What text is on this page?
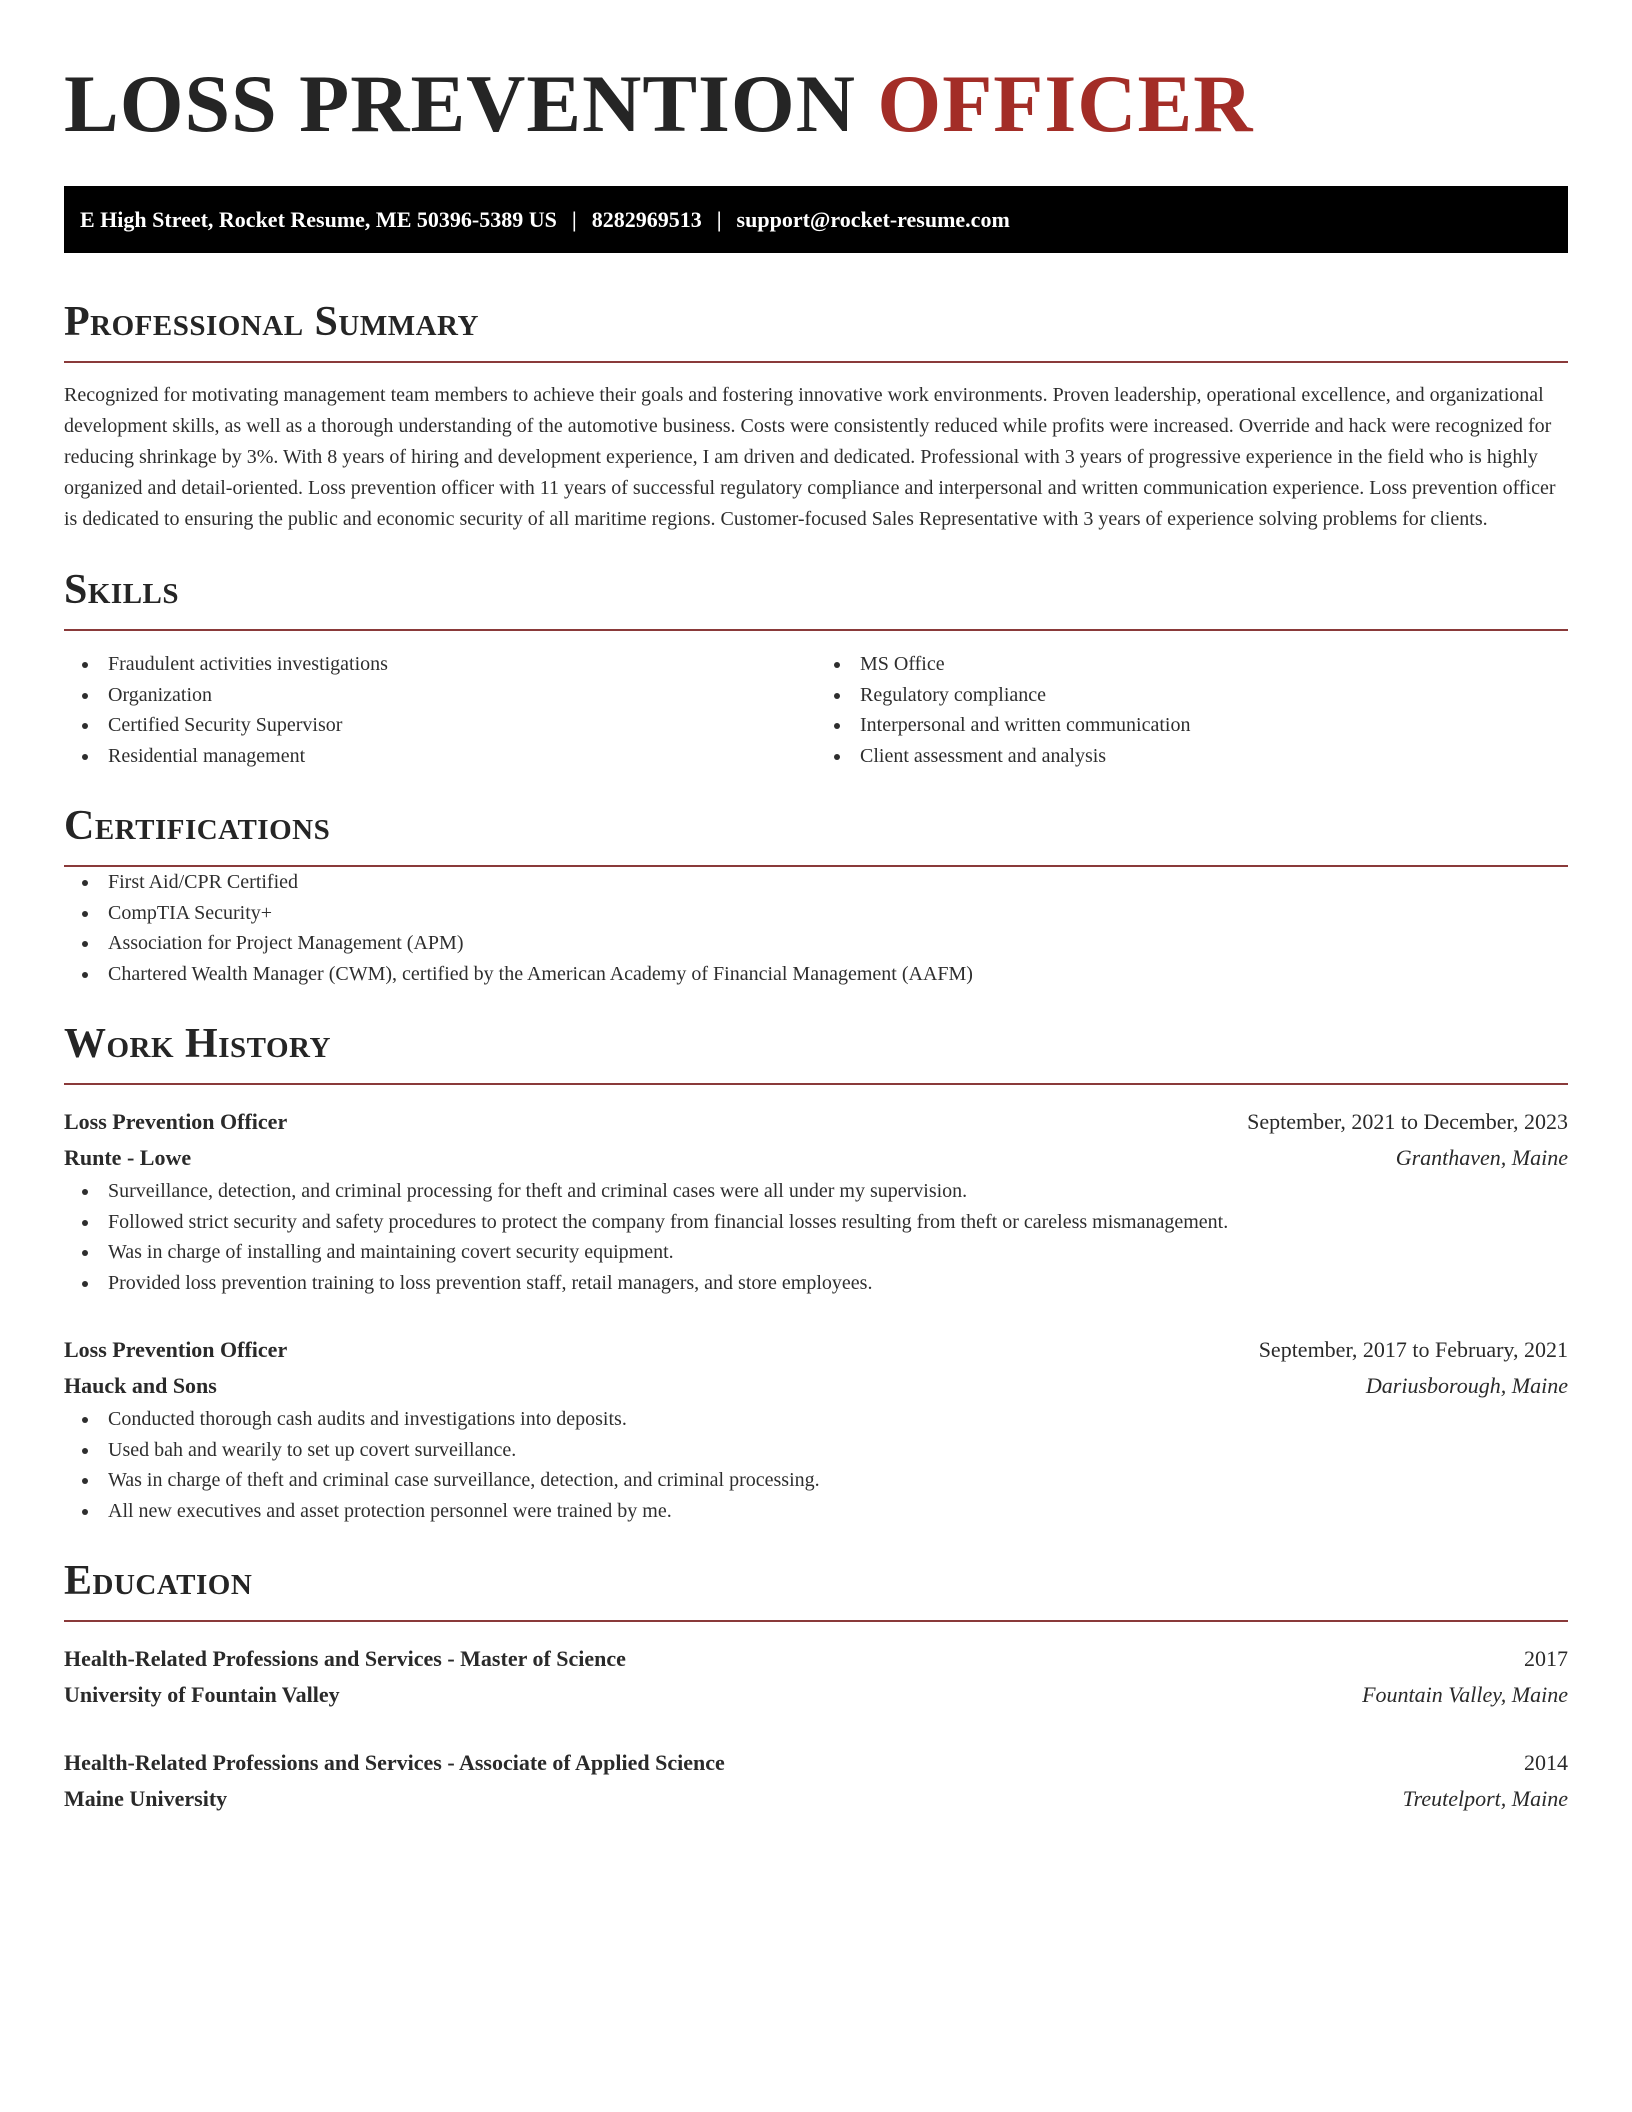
LOSS PREVENTION OFFICER
E High Street, Rocket Resume, ME 50396-5389 US | 8282969513 | support@rocket-resume.com
Professional Summary

Recognized for motivating management team members to achieve their goals and fostering innovative work environments. Proven leadership, operational excellence, and organizational development skills, as well as a thorough understanding of the automotive business. Costs were consistently reduced while profits were increased. Override and hack were recognized for reducing shrinkage by 3%. With 8 years of hiring and development experience, I am driven and dedicated. Professional with 3 years of progressive experience in the field who is highly organized and detail-oriented. Loss prevention officer with 11 years of successful regulatory compliance and interpersonal and written communication experience. Loss prevention officer is dedicated to ensuring the public and economic security of all maritime regions. Customer-focused Sales Representative with 3 years of experience solving problems for clients.

Skills
Fraudulent activities investigations
Organization
Certified Security Supervisor
Residential management
MS Office
Regulatory compliance
Interpersonal and written communication
Client assessment and analysis
Certifications
First Aid/CPR Certified
CompTIA Security+
Association for Project Management (APM)
Chartered Wealth Manager (CWM), certified by the American Academy of Financial Management (AAFM)
Work History
Loss Prevention Officer	September, 2021 to December, 2023
Runte - Lowe	Granthaven, Maine
Surveillance, detection, and criminal processing for theft and criminal cases were all under my supervision.
Followed strict security and safety procedures to protect the company from financial losses resulting from theft or careless mismanagement.
Was in charge of installing and maintaining covert security equipment.
Provided loss prevention training to loss prevention staff, retail managers, and store employees.
Loss Prevention Officer	September, 2017 to February, 2021
Hauck and Sons	Dariusborough, Maine
Conducted thorough cash audits and investigations into deposits.
Used bah and wearily to set up covert surveillance.
Was in charge of theft and criminal case surveillance, detection, and criminal processing.
All new executives and asset protection personnel were trained by me.
Education
Health-Related Professions and Services - Master of Science	2017
University of Fountain Valley	Fountain Valley, Maine
Health-Related Professions and Services - Associate of Applied Science	2014
Maine University	Treutelport, Maine
